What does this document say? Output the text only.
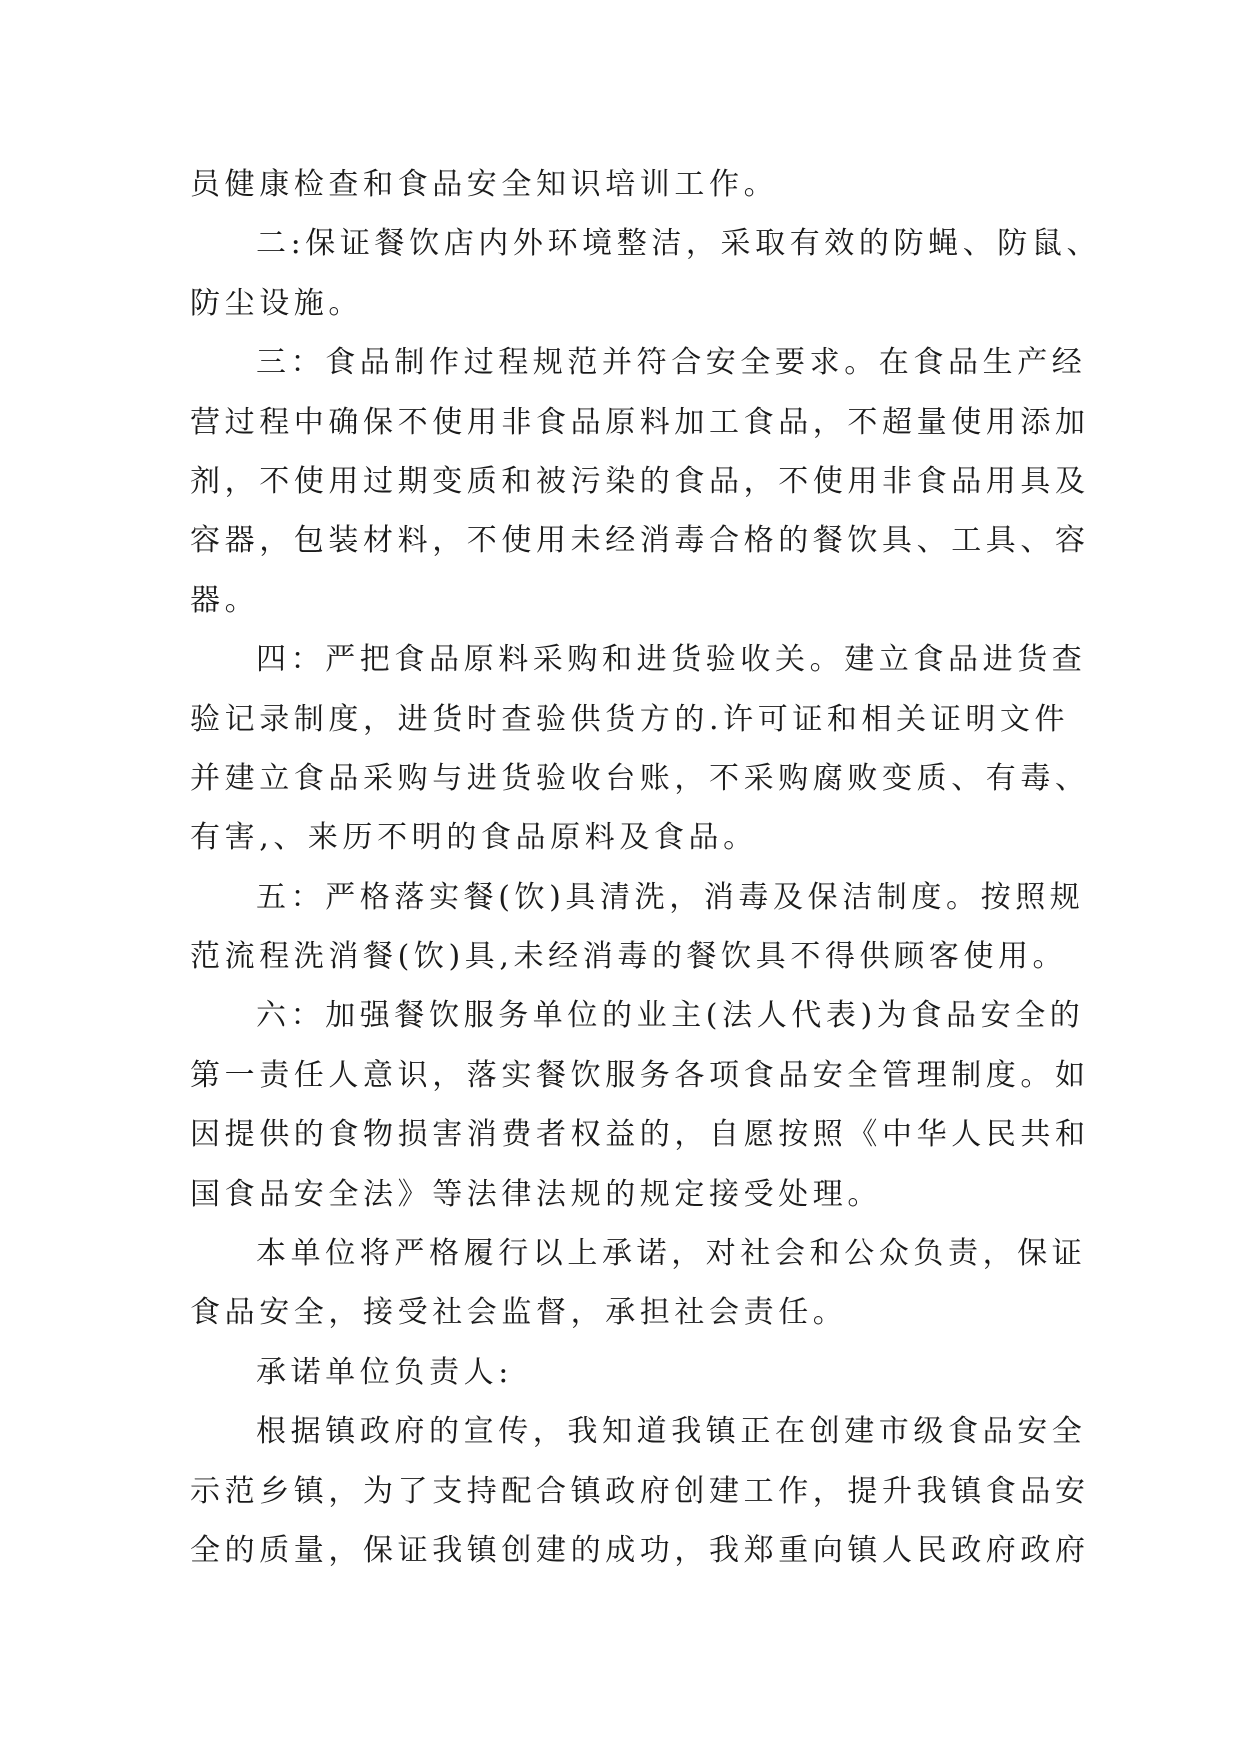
员健康检查和食品安全知识培训工作。
二:保证餐饮店内外环境整洁，采取有效的防蝇、防鼠、
防尘设施。
三：食品制作过程规范并符合安全要求。在食品生产经
营过程中确保不使用非食品原料加工食品，不超量使用添加
剂，不使用过期变质和被污染的食品，不使用非食品用具及
容器，包装材料，不使用未经消毒合格的餐饮具、工具、容
器。
四：严把食品原料采购和进货验收关。建立食品进货查
验记录制度，进货时查验供货方的.许可证和相关证明文件
并建立食品采购与进货验收台账，不采购腐败变质、有毒、
有害,、来历不明的食品原料及食品。
五：严格落实餐(饮)具清洗，消毒及保洁制度。按照规
范流程洗消餐(饮)具,未经消毒的餐饮具不得供顾客使用。
六：加强餐饮服务单位的业主(法人代表)为食品安全的
第一责任人意识，落实餐饮服务各项食品安全管理制度。如
因提供的食物损害消费者权益的，自愿按照《中华人民共和
国食品安全法》等法律法规的规定接受处理。
本单位将严格履行以上承诺，对社会和公众负责，保证
食品安全，接受社会监督，承担社会责任。
承诺单位负责人:
根据镇政府的宣传，我知道我镇正在创建市级食品安全
示范乡镇，为了支持配合镇政府创建工作，提升我镇食品安
全的质量，保证我镇创建的成功，我郑重向镇人民政府政府
